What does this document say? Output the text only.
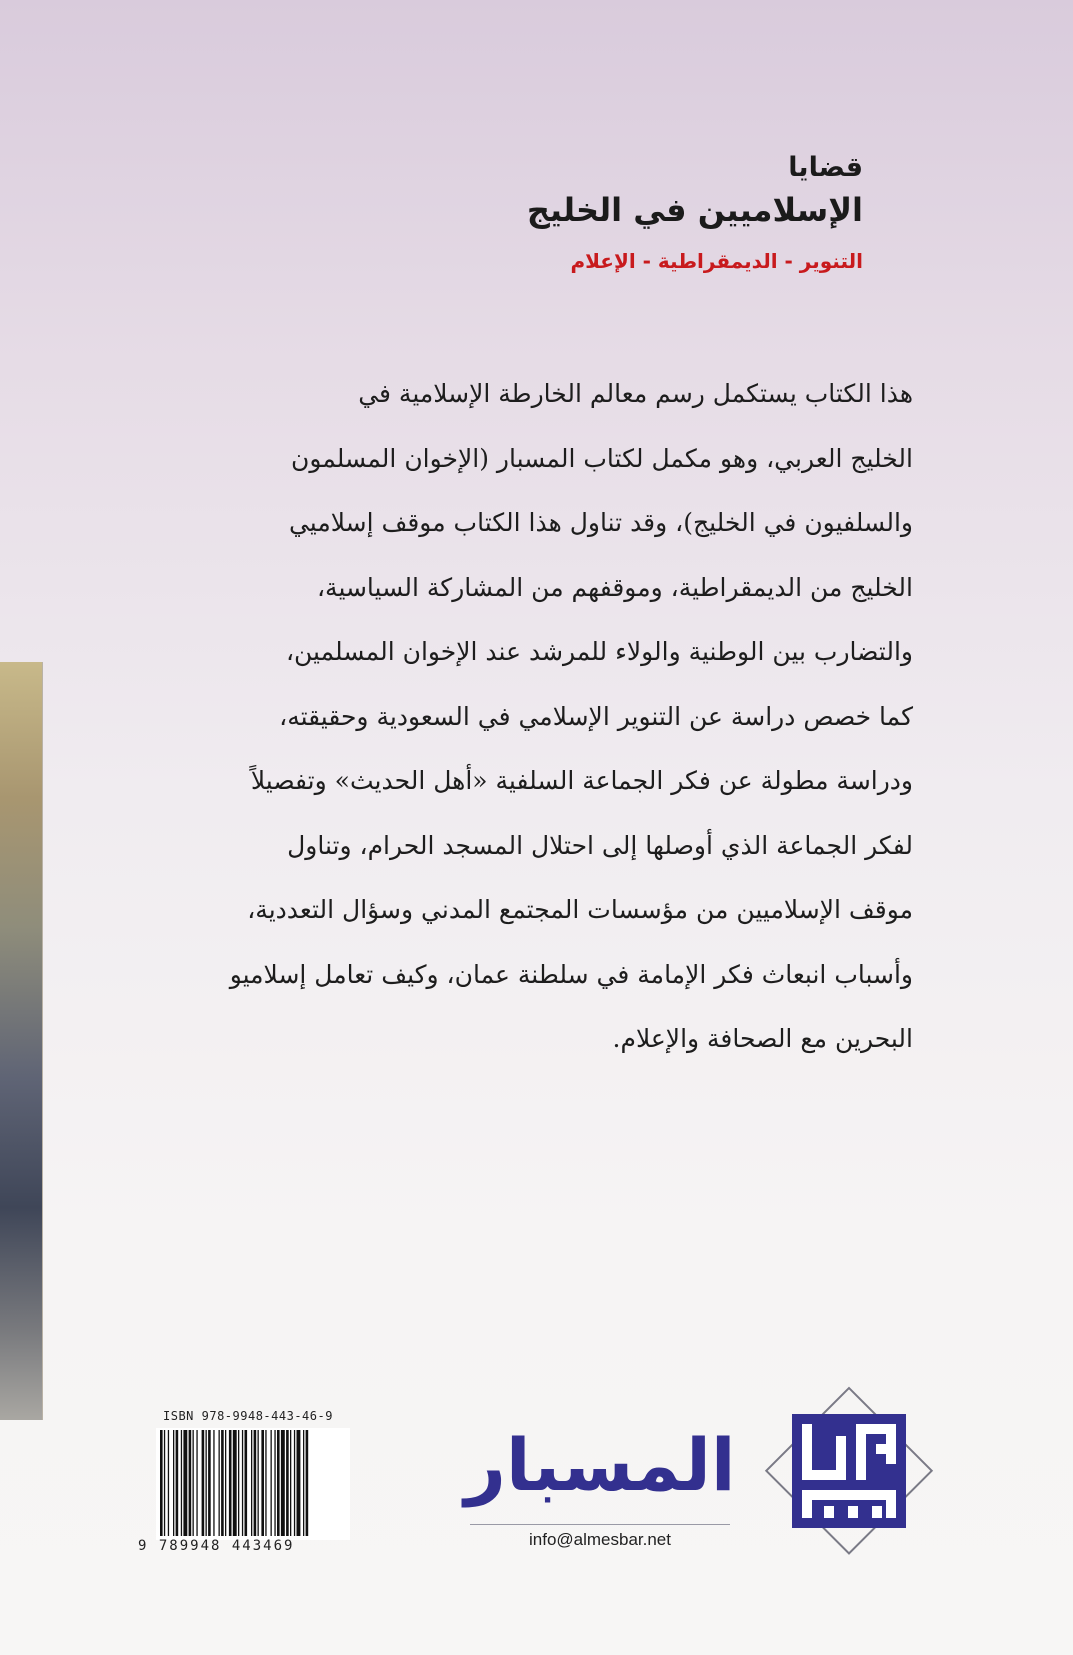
قضايا
الإسلاميين في الخليج
التنوير - الديمقراطية - الإعلام
هذا الكتاب يستكمل رسم معالم الخارطة الإسلامية في
الخليج العربي، وهو مكمل لكتاب المسبار (الإخوان المسلمون
والسلفيون في الخليج)، وقد تناول هذا الكتاب موقف إسلاميي
الخليج من الديمقراطية، وموقفهم من المشاركة السياسية،
والتضارب بين الوطنية والولاء للمرشد عند الإخوان المسلمين،
كما خصص دراسة عن التنوير الإسلامي في السعودية وحقيقته،
ودراسة مطولة عن فكر الجماعة السلفية «أهل الحديث» وتفصيلاً
لفكر الجماعة الذي أوصلها إلى احتلال المسجد الحرام، وتناول
موقف الإسلاميين من مؤسسات المجتمع المدني وسؤال التعددية،
وأسباب انبعاث فكر الإمامة في سلطنة عمان، وكيف تعامل إسلاميو
البحرين مع الصحافة والإعلام.
ISBN 978-9948-443-46-9
9 789948 443469
المسبار
info@almesbar.net
